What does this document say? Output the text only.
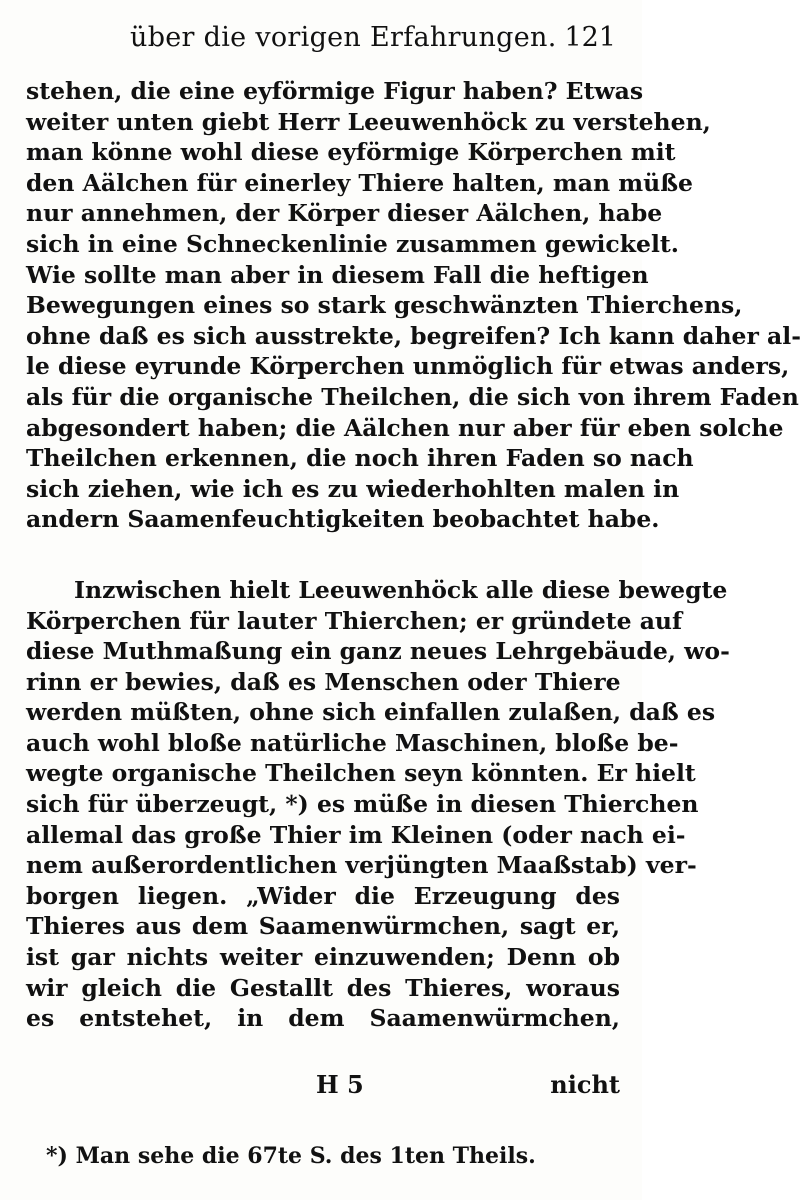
über die vorigen Erfahrungen. 121
stehen, die eine eyförmige Figur haben? Etwas
weiter unten giebt Herr Leeuwenhöck zu verstehen,
man könne wohl diese eyförmige Körperchen mit
den Aälchen für einerley Thiere halten, man müße
nur annehmen, der Körper dieser Aälchen, habe
sich in eine Schneckenlinie zusammen gewickelt.
Wie sollte man aber in diesem Fall die heftigen
Bewegungen eines so stark geschwänzten Thierchens,
ohne daß es sich ausstrekte, begreifen? Ich kann daher al-
le diese eyrunde Körperchen unmöglich für etwas anders,
als für die organische Theilchen, die sich von ihrem Faden
abgesondert haben; die Aälchen nur aber für eben solche
Theilchen erkennen, die noch ihren Faden so nach
sich ziehen, wie ich es zu wiederhohlten malen in
andern Saamenfeuchtigkeiten beobachtet habe.
Inzwischen hielt Leeuwenhöck alle diese bewegte
Körperchen für lauter Thierchen; er gründete auf
diese Muthmaßung ein ganz neues Lehrgebäude, wo-
rinn er bewies, daß es Menschen oder Thiere
werden müßten, ohne sich einfallen zulaßen, daß es
auch wohl bloße natürliche Maschinen, bloße be-
wegte organische Theilchen seyn könnten. Er hielt
sich für überzeugt, *) es müße in diesen Thierchen
allemal das große Thier im Kleinen (oder nach ei-
nem außerordentlichen verjüngten Maaßstab) ver-
borgen liegen. „Wider die Erzeugung des
Thieres aus dem Saamenwürmchen, sagt er,
ist gar nichts weiter einzuwenden; Denn ob
wir gleich die Gestallt des Thieres, woraus
es entstehet, in dem Saamenwürmchen,
H 5	nicht
*) Man sehe die 67te S. des 1ten Theils.
